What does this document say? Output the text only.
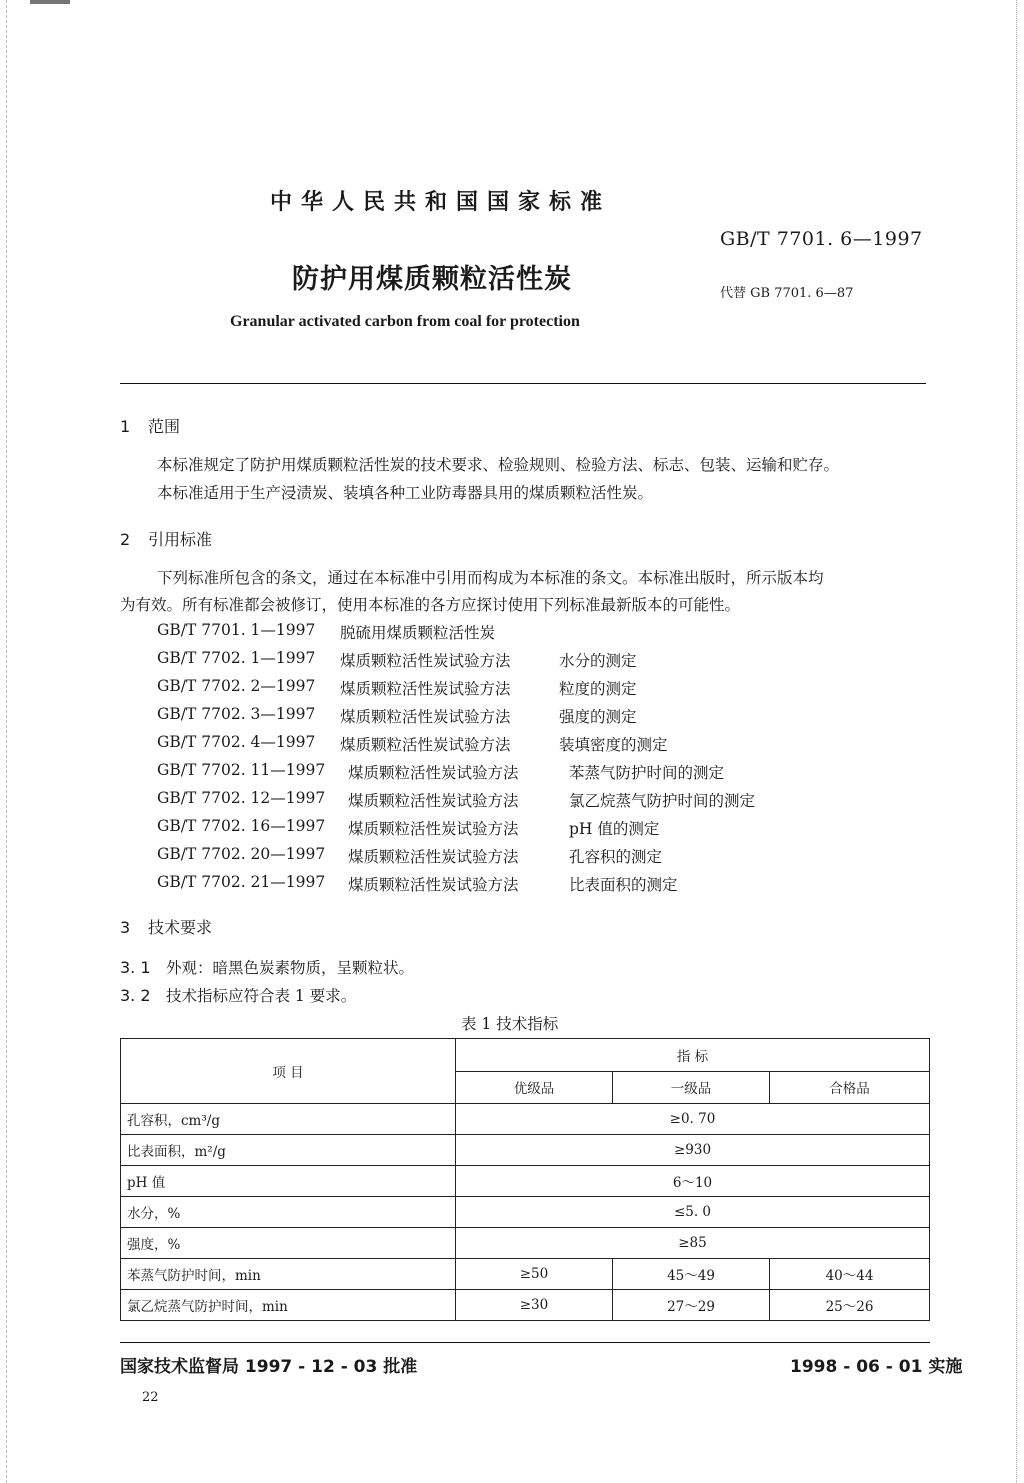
中华人民共和国国家标准
GB/T 7701. 6—1997
防护用煤质颗粒活性炭	代替 GB 7701. 6—87
Granular activated carbon from coal for protection
1 范围
本标准规定了防护用煤质颗粒活性炭的技术要求、检验规则、检验方法、标志、包装、运输和贮存。
本标准适用于生产浸渍炭、装填各种工业防毒器具用的煤质颗粒活性炭。
2 引用标准
下列标准所包含的条文，通过在本标准中引用而构成为本标准的条文。本标准出版时，所示版本均
为有效。所有标准都会被修订，使用本标准的各方应探讨使用下列标准最新版本的可能性。
GB/T 7701. 1—1997 脱硫用煤质颗粒活性炭
GB/T 7702. 1—1997 煤质颗粒活性炭试验方法	水分的测定
GB/T 7702. 2—1997 煤质颗粒活性炭试验方法	粒度的测定
GB/T 7702. 3—1997 煤质颗粒活性炭试验方法	强度的测定
GB/T 7702. 4—1997 煤质颗粒活性炭试验方法	装填密度的测定
GB/T 7702. 11—1997 煤质颗粒活性炭试验方法	苯蒸气防护时间的测定
GB/T 7702. 12—1997 煤质颗粒活性炭试验方法	氯乙烷蒸气防护时间的测定
GB/T 7702. 16—1997 煤质颗粒活性炭试验方法	pH 值的测定
GB/T 7702. 20—1997 煤质颗粒活性炭试验方法	孔容积的测定
GB/T 7702. 21—1997 煤质颗粒活性炭试验方法	比表面积的测定
3 技术要求
3. 1 外观：暗黑色炭素物质，呈颗粒状。
3. 2 技术指标应符合表 1 要求。
表 1 技术指标
项 目	指 标		
	优级品	一级品	合格品
孔容积，cm³/g	≥0. 70		
比表面积，m²/g	≥930		
pH 值	6～10		
水分，%	≤5. 0		
强度，%	≥85		
苯蒸气防护时间，min	≥50	45～49	40～44
氯乙烷蒸气防护时间，min	≥30	27～29	25～26
国家技术监督局 1997 - 12 - 03 批准	1998 - 06 - 01 实施
22
